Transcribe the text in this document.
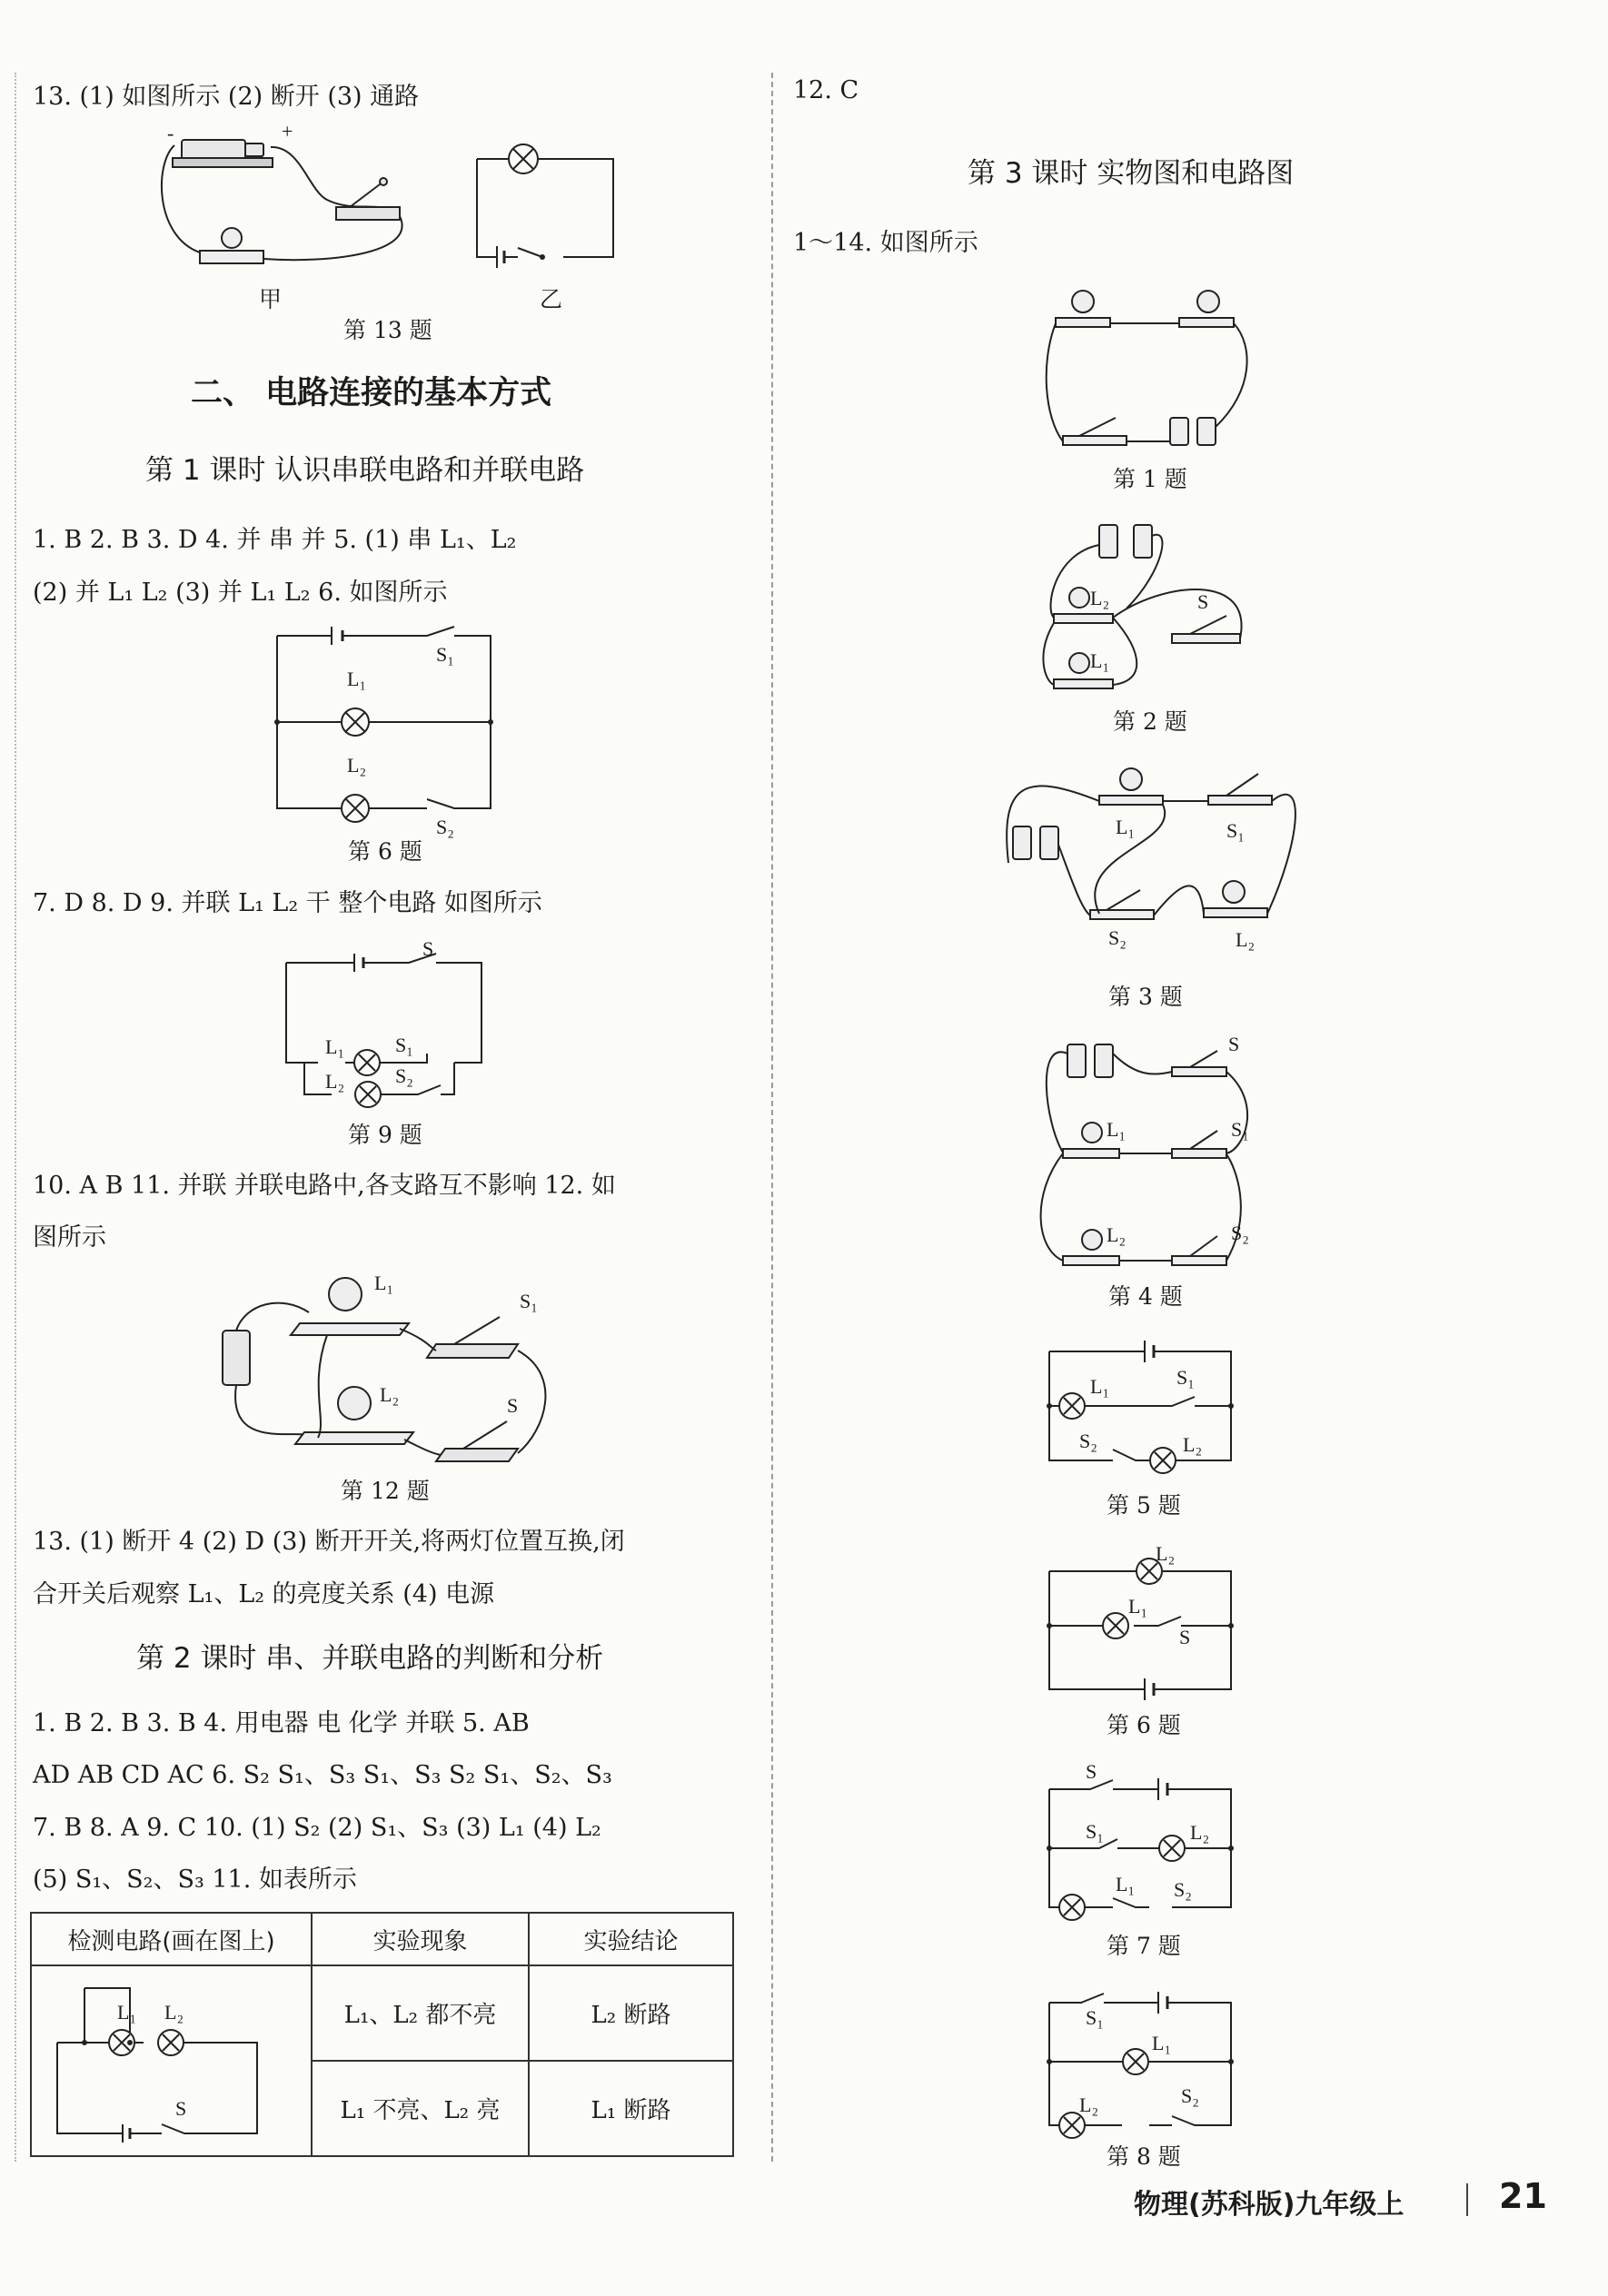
13. (1) 如图所示 (2) 断开 (3) 通路
-	+
甲	乙
第 13 题
二、 电路连接的基本方式
第 1 课时 认识串联电路和并联电路
1. B 2. B 3. D 4. 并 串 并 5. (1) 串 L₁、L₂
(2) 并 L₁ L₂ (3) 并 L₁ L₂ 6. 如图所示
L₁
L₂
S₁
S₂
第 6 题
7. D 8. D 9. 并联 L₁ L₂ 干 整个电路 如图所示
S
L₁	S₁
L₂	S₂
第 9 题
10. A B 11. 并联 并联电路中,各支路互不影响 12. 如
图所示
L₁
S₁
L₂	S
第 12 题
13. (1) 断开 4 (2) D (3) 断开开关,将两灯位置互换,闭
合开关后观察 L₁、L₂ 的亮度关系 (4) 电源
第 2 课时 串、并联电路的判断和分析
1. B 2. B 3. B 4. 用电器 电 化学 并联 5. AB
AD AB CD AC 6. S₂ S₁、S₃ S₁、S₃ S₂ S₁、S₂、S₃
7. B 8. A 9. C 10. (1) S₂ (2) S₁、S₃ (3) L₁ (4) L₂
(5) S₁、S₂、S₃ 11. 如表所示
检测电路(画在图上)	实验现象	实验结论

L₁ L₂
S	L₁、L₂ 都不亮	L₂ 断路
	L₁ 不亮、L₂ 亮	L₁ 断路
12. C
第 3 课时 实物图和电路图
1～14. 如图所示
第 1 题
L₂
L₁
S
第 2 题
L₁	S₁
S₂	L₂
第 3 题
S
L₁	S₁
L₂	S₂
第 4 题
L₁	S₁
S₂	L₂
第 5 题
L₂
L₁
S
第 6 题
S
S₁	L₂
L₁ S₂
第 7 题
S₁
L₁
L₂	S₂
第 8 题
物理(苏科版)九年级上	21
